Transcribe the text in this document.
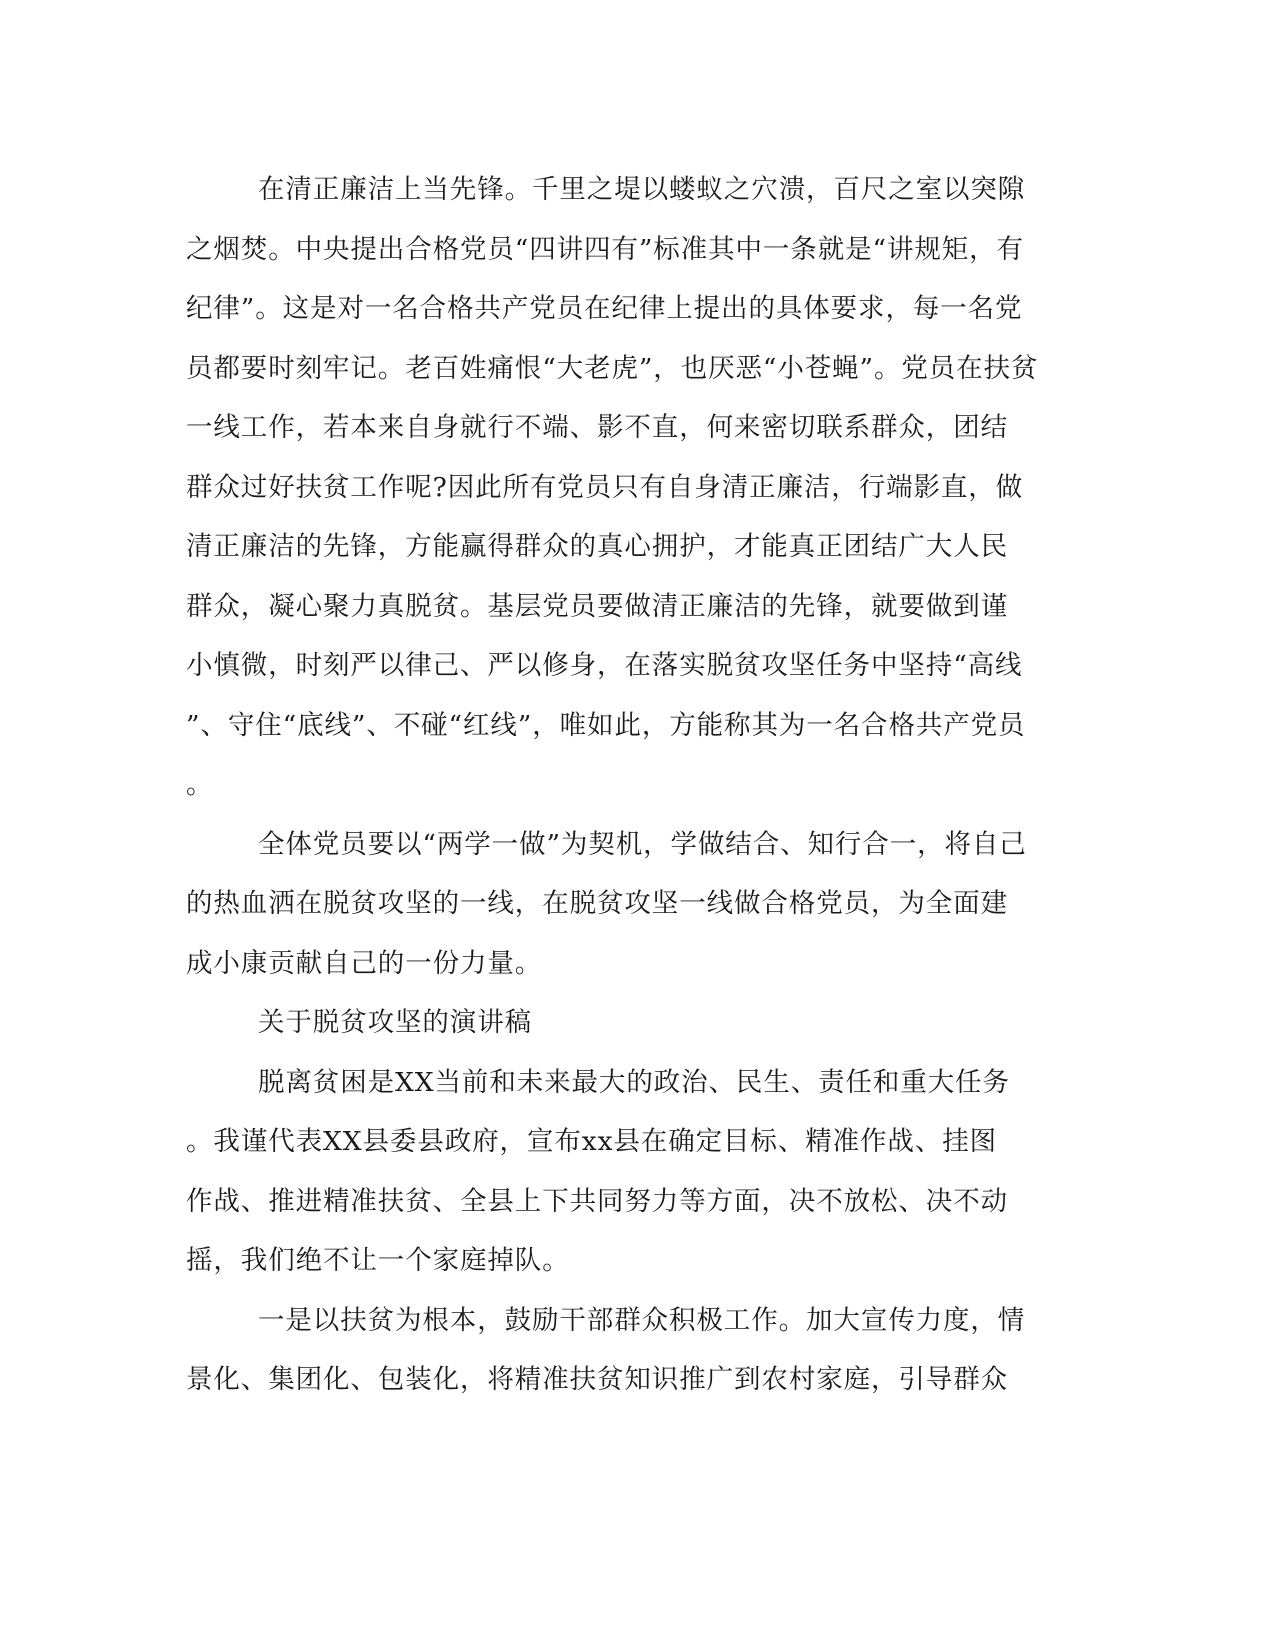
在清正廉洁上当先锋。千里之堤以蝼蚁之穴溃，百尺之室以突隙
之烟焚。中央提出合格党员“四讲四有”标准其中一条就是“讲规矩，有
纪律”。这是对一名合格共产党员在纪律上提出的具体要求，每一名党
员都要时刻牢记。老百姓痛恨“大老虎”，也厌恶“小苍蝇”。党员在扶贫
一线工作，若本来自身就行不端、影不直，何来密切联系群众，团结
群众过好扶贫工作呢?因此所有党员只有自身清正廉洁，行端影直，做
清正廉洁的先锋，方能赢得群众的真心拥护，才能真正团结广大人民
群众，凝心聚力真脱贫。基层党员要做清正廉洁的先锋，就要做到谨
小慎微，时刻严以律己、严以修身，在落实脱贫攻坚任务中坚持“高线
”、守住“底线”、不碰“红线”，唯如此，方能称其为一名合格共产党员
。
全体党员要以“两学一做”为契机，学做结合、知行合一，将自己
的热血洒在脱贫攻坚的一线，在脱贫攻坚一线做合格党员，为全面建
成小康贡献自己的一份力量。
关于脱贫攻坚的演讲稿
脱离贫困是XX当前和未来最大的政治、民生、责任和重大任务
。我谨代表XX县委县政府，宣布xx县在确定目标、精准作战、挂图
作战、推进精准扶贫、全县上下共同努力等方面，决不放松、决不动
摇，我们绝不让一个家庭掉队。
一是以扶贫为根本，鼓励干部群众积极工作。加大宣传力度，情
景化、集团化、包装化，将精准扶贫知识推广到农村家庭，引导群众
